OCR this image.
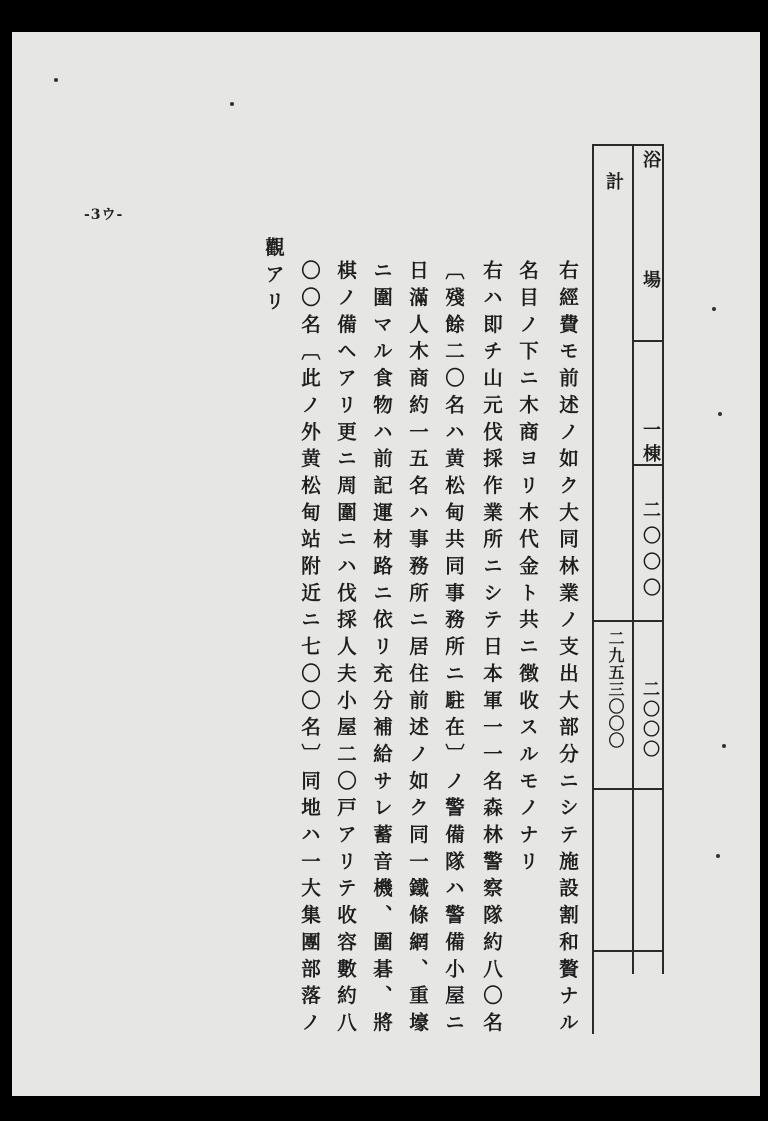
-3ウ-
浴
場
一棟
二〇〇〇
二〇〇〇
計
二九五三〇〇〇
右經費モ前述ノ如ク大同林業ノ支出大部分ニシテ施設割和贅ナル
名目ノ下ニ木商ヨリ木代金ト共ニ徴收スルモノナリ
右ハ即チ山元伐採作業所ニシテ日本軍一一名森林警察隊約八〇名
〔殘餘二〇名ハ黄松甸共同事務所ニ駐在〕ノ警備隊ハ警備小屋ニ
日滿人木商約一五名ハ事務所ニ居住前述ノ如ク同一鐵條網、重壕
ニ圍マル食物ハ前記運材路ニ依リ充分補給サレ蓄音機、圍碁、將
棋ノ備ヘアリ更ニ周圍ニハ伐採人夫小屋二〇戸アリテ收容數約八
〇〇名〔此ノ外黄松甸站附近ニ七〇〇名〕同地ハ一大集團部落ノ
觀アリ
